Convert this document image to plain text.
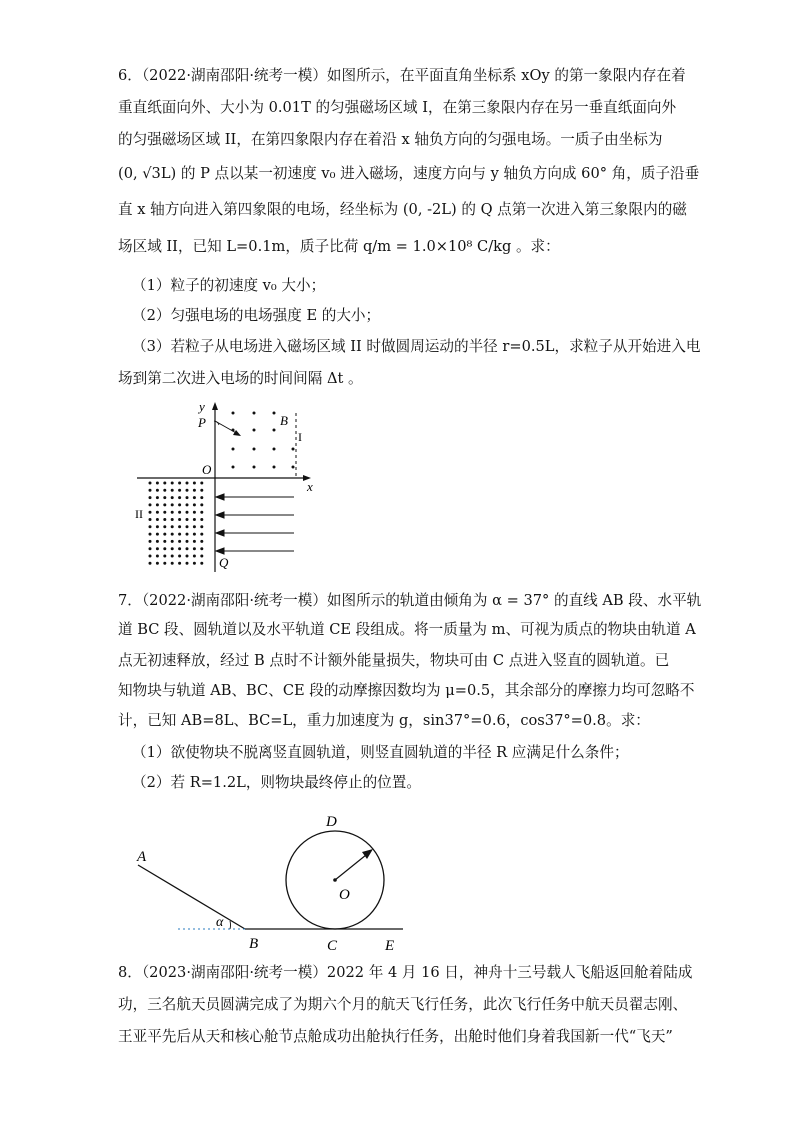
6．（2022·湖南邵阳·统考一模）如图所示，在平面直角坐标系 xOy 的第一象限内存在着
重直纸面向外、大小为 0.01T 的匀强磁场区域 I，在第三象限内存在另一垂直纸面向外
的匀强磁场区域 II，在第四象限内存在着沿 x 轴负方向的匀强电场。一质子由坐标为
(0, √3L) 的 P 点以某一初速度 v₀ 进入磁场，速度方向与 y 轴负方向成 60° 角，质子沿垂
直 x 轴方向进入第四象限的电场，经坐标为 (0, -2L) 的 Q 点第一次进入第三象限内的磁
场区域 II，已知 L=0.1m，质子比荷 q/m = 1.0×10⁸ C/kg 。求：
（1）粒子的初速度 v₀ 大小；
（2）匀强电场的电场强度 E 的大小；
（3）若粒子从电场进入磁场区域 II 时做圆周运动的半径 r=0.5L，求粒子从开始进入电
场到第二次进入电场的时间间隔 Δt 。
y
P	B
I
O
x
II
Q
7．（2022·湖南邵阳·统考一模）如图所示的轨道由倾角为 α = 37° 的直线 AB 段、水平轨
道 BC 段、圆轨道以及水平轨道 CE 段组成。将一质量为 m、可视为质点的物块由轨道 A
点无初速释放，经过 B 点时不计额外能量损失，物块可由 C 点进入竖直的圆轨道。已
知物块与轨道 AB、BC、CE 段的动摩擦因数均为 μ=0.5，其余部分的摩擦力均可忽略不
计，已知 AB=8L、BC=L，重力加速度为 g，sin37°=0.6，cos37°=0.8。求：
（1）欲使物块不脱离竖直圆轨道，则竖直圆轨道的半径 R 应满足什么条件；
（2）若 R=1.2L，则物块最终停止的位置。
A
α
B	C	E
D
O
8．（2023·湖南邵阳·统考一模）2022 年 4 月 16 日，神舟十三号载人飞船返回舱着陆成
功，三名航天员圆满完成了为期六个月的航天飞行任务，此次飞行任务中航天员翟志刚、
王亚平先后从天和核心舱节点舱成功出舱执行任务，出舱时他们身着我国新一代“飞天”
